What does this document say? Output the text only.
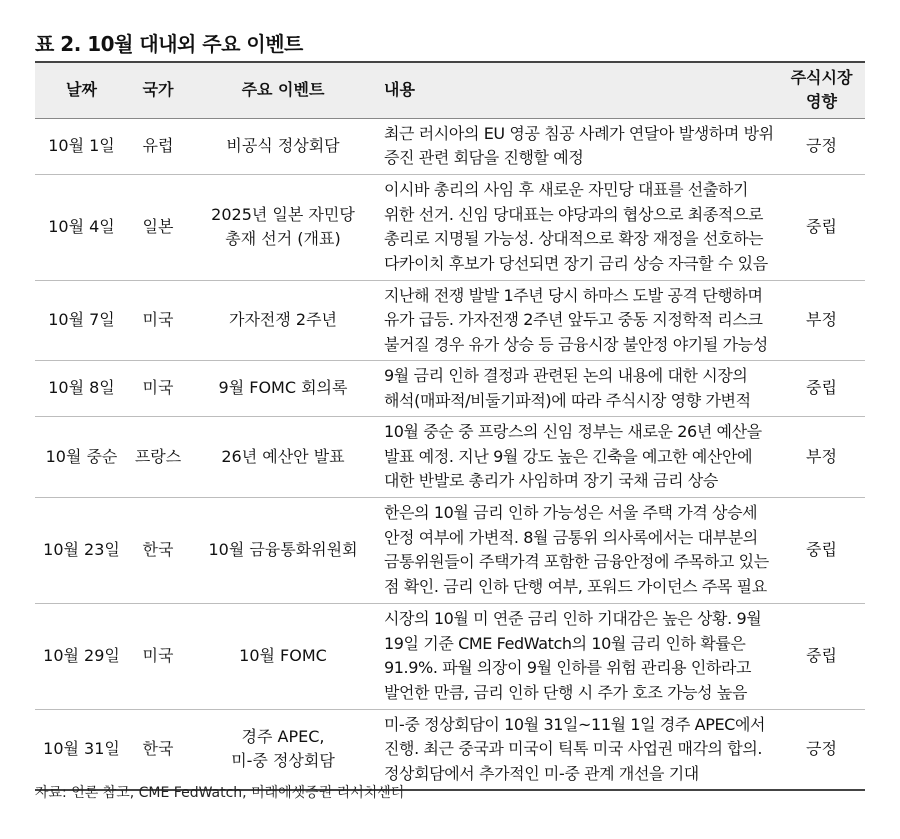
표 2. 10월 대내외 주요 이벤트
날짜	국가	주요 이벤트	내용	주식시장
영향

10월 1일	유럽	비공식 정상회담	최근 러시아의 EU 영공 침공 사례가 연달아 발생하며 방위
증진 관련 회담을 진행할 예정	긍정
10월 4일	일본	2025년 일본 자민당
총재 선거 (개표)	이시바 총리의 사임 후 새로운 자민당 대표를 선출하기
위한 선거. 신임 당대표는 야당과의 협상으로 최종적으로
총리로 지명될 가능성. 상대적으로 확장 재정을 선호하는
다카이치 후보가 당선되면 장기 금리 상승 자극할 수 있음	중립
10월 7일	미국	가자전쟁 2주년	지난해 전쟁 발발 1주년 당시 하마스 도발 공격 단행하며
유가 급등. 가자전쟁 2주년 앞두고 중동 지정학적 리스크
불거질 경우 유가 상승 등 금융시장 불안정 야기될 가능성	부정
10월 8일	미국	9월 FOMC 회의록	9월 금리 인하 결정과 관련된 논의 내용에 대한 시장의
해석(매파적/비둘기파적)에 따라 주식시장 영향 가변적	중립
10월 중순	프랑스	26년 예산안 발표	10월 중순 중 프랑스의 신임 정부는 새로운 26년 예산을
발표 예정. 지난 9월 강도 높은 긴축을 예고한 예산안에
대한 반발로 총리가 사임하며 장기 국채 금리 상승	부정
10월 23일	한국	10월 금융통화위원회	한은의 10월 금리 인하 가능성은 서울 주택 가격 상승세
안정 여부에 가변적. 8월 금통위 의사록에서는 대부분의
금통위원들이 주택가격 포함한 금융안정에 주목하고 있는
점 확인. 금리 인하 단행 여부, 포워드 가이던스 주목 필요	중립
10월 29일	미국	10월 FOMC	시장의 10월 미 연준 금리 인하 기대감은 높은 상황. 9월
19일 기준 CME FedWatch의 10월 금리 인하 확률은
91.9%. 파월 의장이 9월 인하를 위험 관리용 인하라고
발언한 만큼, 금리 인하 단행 시 주가 호조 가능성 높음	중립
10월 31일	한국	경주 APEC,
미-중 정상회담	미-중 정상회담이 10월 31일~11월 1일 경주 APEC에서
진행. 최근 중국과 미국이 틱톡 미국 사업권 매각의 합의.
정상회담에서 추가적인 미-중 관계 개선을 기대	긍정
자료: 언론 참고, CME FedWatch, 미래에셋증권 리서치센터
